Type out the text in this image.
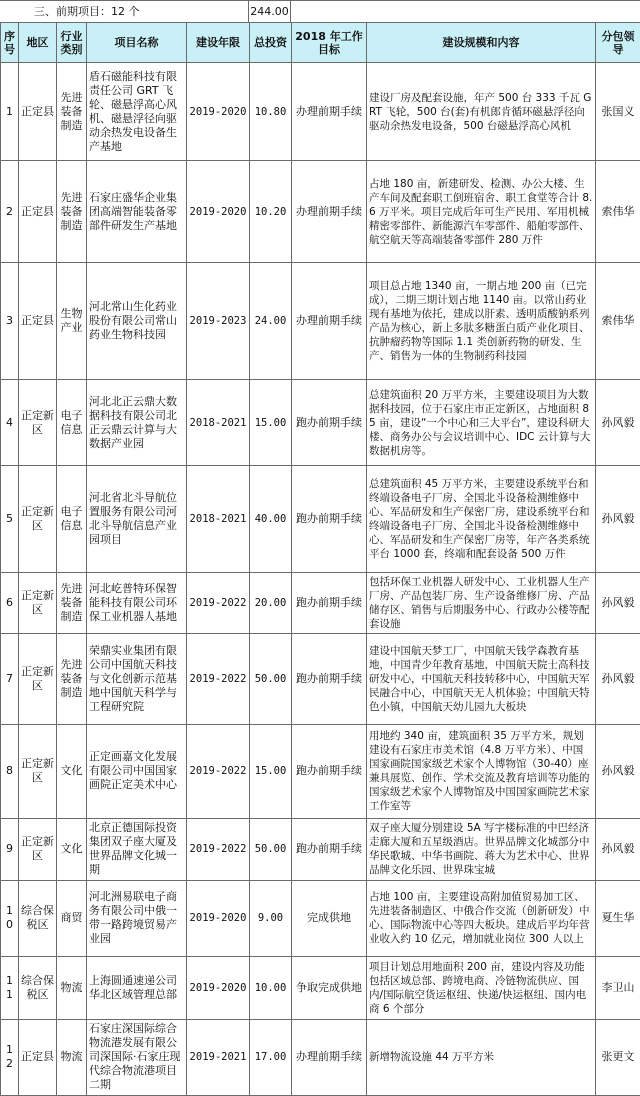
三、前期项目：12 个	244.00
序号	地区	行业类别	项目名称	建设年限	总投资	2018 年工作目标	建设规模和内容	分包领导
1	正定县	先进装备制造	盾石磁能科技有限责任公司 GRT 飞轮、磁悬浮高心风机、磁悬浮径向驱动余热发电设备生产基地	2019-2020	10.80	办理前期手续	建设厂房及配套设施，年产 500 台 333 千瓦 GRT 飞轮，500 台(套)有机郎肯循环磁悬浮径向驱动余热发电设备，500 台磁悬浮高心风机	张国义
2	正定县	先进装备制造	石家庄盛华企业集团高端智能装备零部件研发生产基地	2019-2020	10.20	办理前期手续	占地 180 亩，新建研发、检测、办公大楼、生产车间及配套职工倒班宿舍、职工食堂等合计 8.6 万平米。项目完成后年可生产民用、军用机械精密零部件、新能源汽车零部件、船舶零部件、航空航天等高端装备零部件 280 万件	索伟华
3	正定县	生物产业	河北常山生化药业股份有限公司常山药业生物科技园	2019-2023	24.00	办理前期手续	项目总占地 1340 亩，一期占地 200 亩（已完成），二期三期计划占地 1140 亩。以常山药业现有基地为依托，建成以肝素、透明质酸钠系列产品为核心，新上多肽多糖蛋白质产业化项目、抗肿瘤药物等国际 1.1 类创新药物的研发、生产、销售为一体的生物制药科技园	索伟华
4	正定新区	电子信息	河北北正云鼎大数据科技有限公司北正云鼎云计算与大数据产业园	2018-2021	15.00	跑办前期手续	总建筑面积 20 万平方米，主要建设项目为大数据科技园，位于石家庄市正定新区，占地面积 85 亩，建设“一个中心和三大平台”，建设科研大楼、商务办公与会议培训中心、IDC 云计算与大数据机房等。	孙风毅
5	正定新区	电子信息	河北省北斗导航位置服务有限公司河北斗导航信息产业园项目	2018-2021	40.00	跑办前期手续	总建筑面积 45 万平方米，主要建设系统平台和终端设备电子厂房、全国北斗设备检测维修中心、军品研发和生产保密厂房，建设系统平台和终端设备电子厂房、全国北斗设备检测维修中心、军品研发和生产保密厂房等，年产各类系统平台 1000 套，终端和配套设备 500 万件	孙风毅
6	正定新区	先进装备制造	河北屹普特环保智能科技有限公司环保工业机器人基地	2019-2022	20.00	跑办前期手续	包括环保工业机器人研发中心、工业机器人生产厂房、产品包装厂房、生产设备维修厂房、产品储存区、销售与后期服务中心、行政办公楼等配套设施	孙风毅
7	正定新区	先进装备制造	荣鼎实业集团有限公司中国航天科技与文化创新示范基地中国航天科学与工程研究院	2019-2022	50.00	跑办前期手续	建设中国航天梦工厂，中国航天钱学森教育基地，中国青少年教育基地，中国航天院士高科技研发中心，中国航天科技转移中心，中国航天军民融合中心，中国航天无人机体验；中国航天特色小镇，中国航天幼儿园九大板块	孙风毅
8	正定新区	文化	正定画嘉文化发展有限公司中国国家画院正定美术中心	2019-2022	15.00	跑办前期手续	用地约 340 亩，建筑面积 35 万平方米，规划建设有石家庄市美术馆（4.8 万平方米）、中国国家画院国家级艺术家个人博物馆（30-40）座兼具展览、创作、学术交流及教育培训等功能的国家级艺术家个人博物馆及中国国家画院艺术家工作室等	孙风毅
9	正定新区	文化	北京正德国际投资集团双子座大厦及世界品牌文化城一期	2019-2022	50.00	跑办前期手续	双子座大厦分别建设 5A 写字楼标准的中巴经济走廊大厦和五星级酒店。世界品牌文化城部分中华民歌城、中华书画院、蒋大为艺术中心、世界品牌文化乐园、世界珠宝城	孙风毅
10	综合保税区	商贸	河北洲易联电子商务有限公司中俄一带一路跨境贸易产业园	2019-2020	9.00	完成供地	占地 100 亩，主要建设高附加值贸易加工区、先进装备制造区、中俄合作交流（创新研发）中心、国际物流中心等四大板块。建成后平均年营业收入约 10 亿元，增加就业岗位 300 人以上	夏生华
11	综合保税区	物流	上海圆通速递公司华北区域管理总部	2019-2020	10.00	争取完成供地	项目计划总用地面积 200 亩，建设内容及功能包括区域总部、跨境电商、冷链物流供应、国内/国际航空货运枢纽、快递/快运枢纽、国内电商 6 个部分	李卫山
12	正定县	物流	石家庄深国际综合物流港发展有限公司深国际·石家庄现代综合物流港项目二期	2019-2021	17.00	办理前期手续	新增物流设施 44 万平方米	张更文
